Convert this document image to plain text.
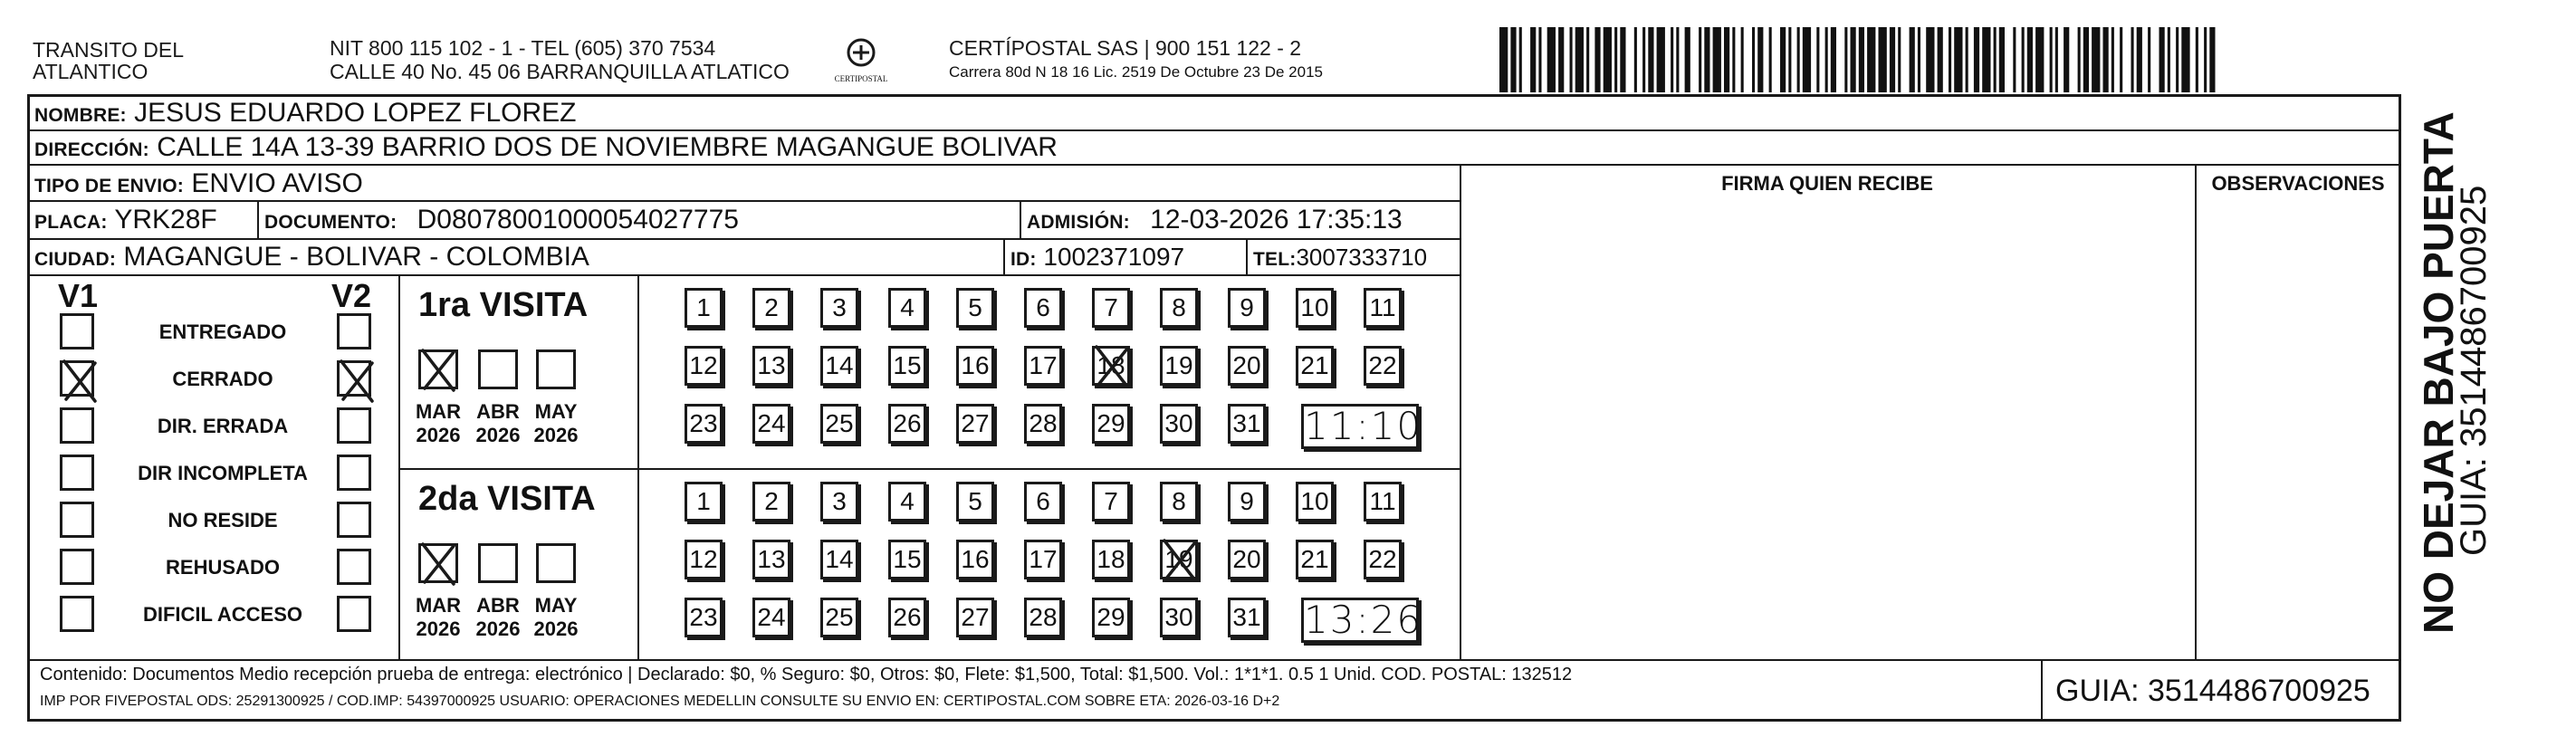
TRANSITO DEL
ATLANTICO
NIT 800 115 102 - 1 - TEL (605) 370 7534
CALLE 40 No. 45 06 BARRANQUILLA ATLATICO	CERTIPOSTAL
CERTÍPOSTAL SAS | 900 151 122 - 2
Carrera 80d N 18 16 Lic. 2519 De Octubre 23 De 2015
NOMBRE: JESUS EDUARDO LOPEZ FLOREZ
DIRECCIÓN: CALLE 14A 13-39 BARRIO DOS DE NOVIEMBRE MAGANGUE BOLIVAR
TIPO DE ENVIO: ENVIO AVISO
PLACA: YRK28F DOCUMENTO: D08078001000054027775	ADMISIÓN: 12-03-2026 17:35:13
CIUDAD: MAGANGUE - BOLIVAR - COLOMBIA	ID: 1002371097	TEL:3007333710
FIRMA QUIEN RECIBE	OBSERVACIONES
V1	V2
ENTREGADO
CERRADO
DIR. ERRADA
DIR INCOMPLETA
NO RESIDE
REHUSADO
DIFICIL ACCESO
1ra VISITA
MAR
2026
ABR
2026
MAY
2026
1	2	3	4	5	6	7	8	9	10 11
12 13 14 15 16 17 18 19 20 21 22
23 24 25 26 27 28 29 30 31 11:10
2da VISITA
MAR
2026
ABR
2026
MAY
2026
1	2	3	4	5	6	7	8	9	10 11
12 13 14 15 16 17 18 19 20 21 22
23 24 25 26 27 28 29 30 31 13:26
Contenido: Documentos Medio recepción prueba de entrega: electrónico | Declarado: $0, % Seguro: $0, Otros: $0, Flete: $1,500, Total: $1,500. Vol.: 1*1*1. 0.5 1 Unid. COD. POSTAL: 132512
IMP POR FIVEPOSTAL ODS: 25291300925 / COD.IMP: 54397000925 USUARIO: OPERACIONES MEDELLIN CONSULTE SU ENVIO EN: CERTIPOSTAL.COM SOBRE ETA: 2026-03-16 D+2	GUIA: 3514486700925
NO DEJAR BAJO PUERTA
GUIA: 3514486700925
